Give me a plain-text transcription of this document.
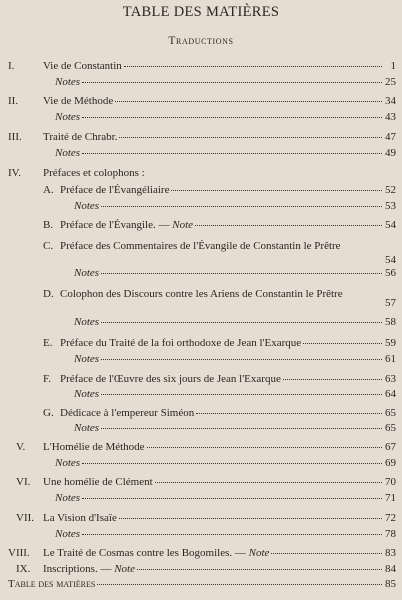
TABLE DES MATIÈRES
Traductions
I.	Vie de Constantin	1
Notes	25
II. Vie de Méthode	34
Notes	43
III. Traité de Chrabr.	47
Notes	49
IV. Préfaces et colophons :
A. Préface de l'Évangéliaire	52
Notes	53
B. Préface de l'Évangile. — Note	54
C. Préface des Commentaires de l'Évangile de Constantin le Prêtre
54
Notes	56
D. Colophon des Discours contre les Ariens de Constantin le Prêtre
57
Notes	58
E. Préface du Traité de la foi orthodoxe de Jean l'Exarque	59
Notes	61
F. Préface de l'Œuvre des six jours de Jean l'Exarque	63
Notes	64
G. Dédicace à l'empereur Siméon	65
Notes	65
V. L'Homélie de Méthode	67
Notes	69
VI. Une homélie de Clément	70
Notes	71
VII. La Vision d'Isaïe	72
Notes	78
VIII. Le Traité de Cosmas contre les Bogomiles. — Note	83
IX. Inscriptions. — Note	84
Table des matières	85
